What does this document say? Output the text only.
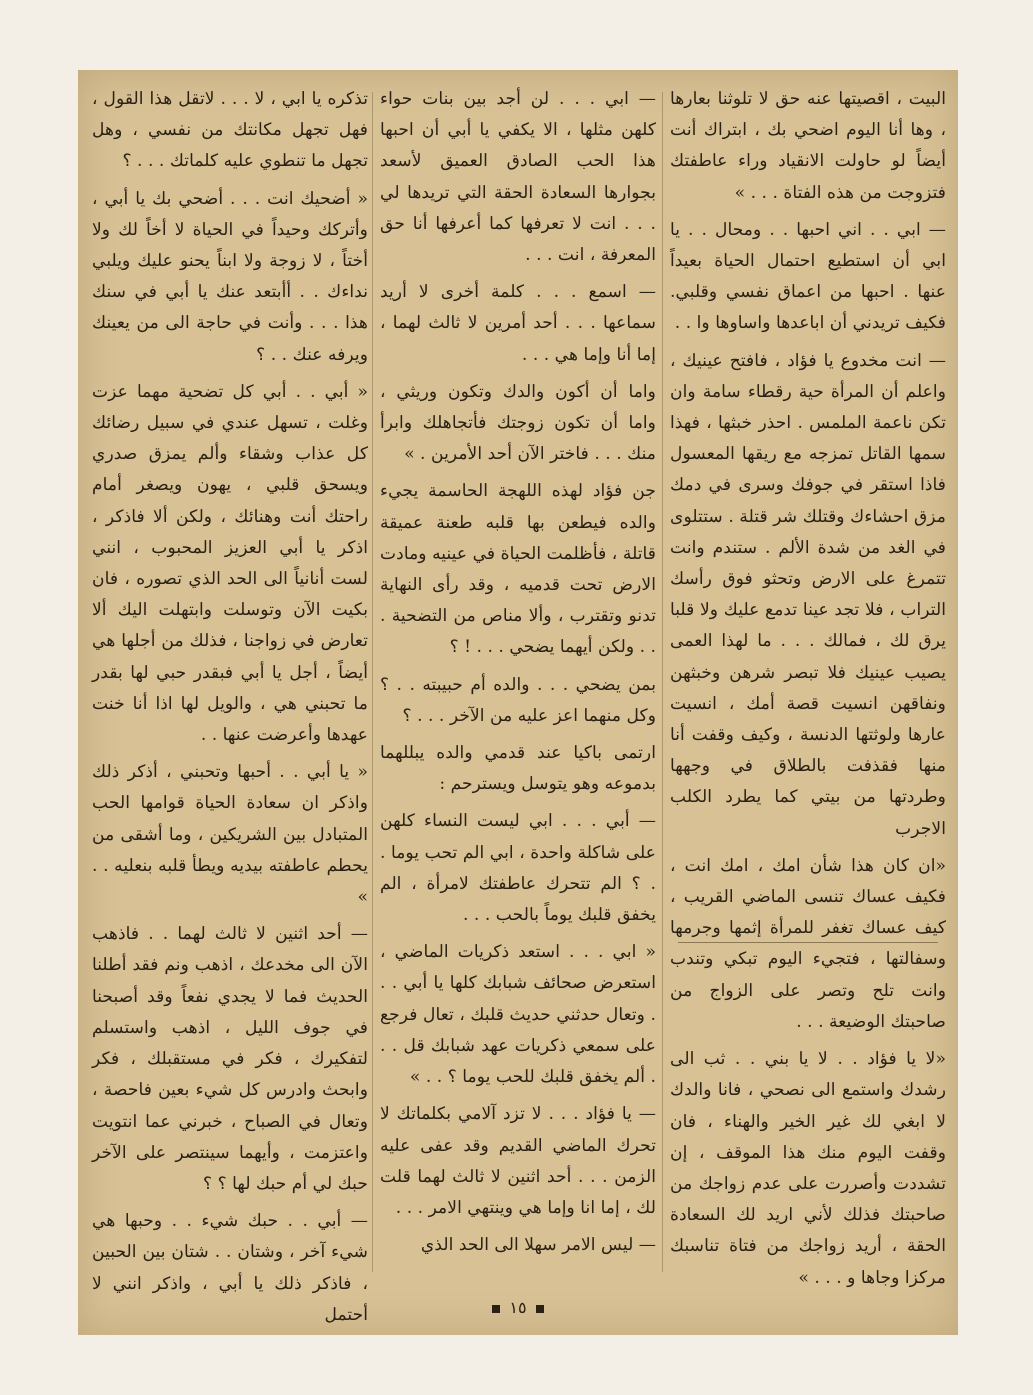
البيت ، اقصيتها عنه حق لا تلوثنا بعارها ، وها أنا اليوم اضحي بك ، ابتراك أنت أيضاً لو حاولت الانقياد وراء عاطفتك فتزوجت من هذه الفتاة . . . »

— ابي . . اني احبها . . ومحال . . يا ابي أن استطيع احتمال الحياة بعيداً عنها . احبها من اعماق نفسي وقلبي. فكيف تريدني أن اباعدها واساوها وا . .

— انت مخدوع يا فؤاد ، فافتح عينيك ، واعلم أن المرأة حية رقطاء سامة وان تكن ناعمة الملمس . احذر خبثها ، فهذا سمها القاتل تمزجه مع ريقها المعسول فاذا استقر في جوفك وسرى في دمك مزق احشاءك وقتلك شر قتلة . ستتلوى في الغد من شدة الألم . ستندم وانت تتمرغ على الارض وتحثو فوق رأسك التراب ، فلا تجد عينا تدمع عليك ولا قلبا يرق لك ، فمالك . . . ما لهذا العمى يصيب عينيك فلا تبصر شرهن وخبثهن ونفاقهن انسيت قصة أمك ، انسيت عارها ولوثتها الدنسة ، وكيف وقفت أنا منها فقذفت بالطلاق في وجهها وطردتها من بيتي كما يطرد الكلب الاجرب

«ان كان هذا شأن امك ، امك انت ، فكيف عساك تنسى الماضي القريب ، كيف عساك تغفر للمرأة إثمها وجرمها وسفالتها ، فتجيء اليوم تبكي وتندب وانت تلح وتصر على الزواج من صاحبتك الوضيعة . . .

«لا يا فؤاد . . لا يا بني . . ثب الى رشدك واستمع الى نصحي ، فانا والدك لا ابغي لك غير الخير والهناء ، فان وقفت اليوم منك هذا الموقف ، إن تشددت وأصررت على عدم زواجك من صاحبتك فذلك لأني اريد لك السعادة الحقة ، أريد زواجك من فتاة تناسبك مركزا وجاها و . . . »

— ابي . . . لن أجد بين بنات حواء كلهن مثلها ، الا يكفي يا أبي أن احبها هذا الحب الصادق العميق لأسعد بجوارها السعادة الحقة التي تريدها لي . . . انت لا تعرفها كما أعرفها أنا حق المعرفة ، انت . . .

— اسمع . . . كلمة أخرى لا أريد سماعها . . . أحد أمرين لا ثالث لهما ، إما أنا وإما هي . . .

واما أن أكون والدك وتكون وريثي ، واما أن تكون زوجتك فأتجاهلك وابرأ منك . . . فاختر الآن أحد الأمرين . »

جن فؤاد لهذه اللهجة الحاسمة يجيء والده فيطعن بها قلبه طعنة عميقة قاتلة ، فأظلمت الحياة في عينيه ومادت الارض تحت قدميه ، وقد رأى النهاية تدنو وتقترب ، وألا مناص من التضحية . . . ولكن أيهما يضحي . . . ! ؟

بمن يضحي . . . والده أم حبيبته . . ؟ وكل منهما اعز عليه من الآخر . . . ؟

ارتمى باكيا عند قدمي والده يبللهما بدموعه وهو يتوسل ويسترحم :

— أبي . . . ابي ليست النساء كلهن على شاكلة واحدة ، ابي الم تحب يوما . . ؟ الم تتحرك عاطفتك لامرأة ، الم يخفق قلبك يوماً بالحب . . .

« ابي . . . استعد ذكريات الماضي ، استعرض صحائف شبابك كلها يا أبي . . . وتعال حدثني حديث قلبك ، تعال فرجع على سمعي ذكريات عهد شبابك قل . . . ألم يخفق قلبك للحب يوما ؟ . . »

— يا فؤاد . . . لا تزد آلامي بكلماتك لا تحرك الماضي القديم وقد عفى عليه الزمن . . . أحد اثنين لا ثالث لهما قلت لك ، إما انا وإما هي وينتهي الامر . . .

— ليس الامر سهلا الى الحد الذي

تذكره يا ابي ، لا . . . لاتقل هذا القول ، فهل تجهل مكانتك من نفسي ، وهل تجهل ما تنطوي عليه كلماتك . . . ؟

« أضحيك انت . . . أضحي بك يا أبي ، وأتركك وحيداً في الحياة لا أخاً لك ولا أختاً ، لا زوجة ولا ابناً يحنو عليك ويلبي نداءك . . أأبتعد عنك يا أبي في سنك هذا . . . وأنت في حاجة الى من يعينك ويرفه عنك . . ؟

« أبي . . أبي كل تضحية مهما عزت وغلت ، تسهل عندي في سبيل رضائك كل عذاب وشقاء وألم يمزق صدري ويسحق قلبي ، يهون ويصغر أمام راحتك أنت وهنائك ، ولكن ألا فاذكر ، اذكر يا أبي العزيز المحبوب ، انني لست أنانياً الى الحد الذي تصوره ، فان بكيت الآن وتوسلت وابتهلت اليك ألا تعارض في زواجنا ، فذلك من أجلها هي أيضاً ، أجل يا أبي فبقدر حبي لها بقدر ما تحبني هي ، والويل لها اذا أنا خنت عهدها وأعرضت عنها . .

« يا أبي . . أحبها وتحبني ، أذكر ذلك واذكر ان سعادة الحياة قوامها الحب المتبادل بين الشريكين ، وما أشقى من يحطم عاطفته بيديه ويطأ قلبه بنعليه . . »

— أحد اثنين لا ثالث لهما . . فاذهب الآن الى مخدعك ، اذهب ونم فقد أطلنا الحديث فما لا يجدي نفعاً وقد أصبحنا في جوف الليل ، اذهب واستسلم لتفكيرك ، فكر في مستقبلك ، فكر وابحث وادرس كل شيء بعين فاحصة ، وتعال في الصباح ، خبرني عما انتويت واعتزمت ، وأيهما سينتصر على الآخر حبك لي أم حبك لها ؟ ؟

— أبي . . حبك شيء . . وحبها هي شيء آخر ، وشتان . . شتان بين الحبين ، فاذكر ذلك يا أبي ، واذكر انني لا أحتمل	١٥
